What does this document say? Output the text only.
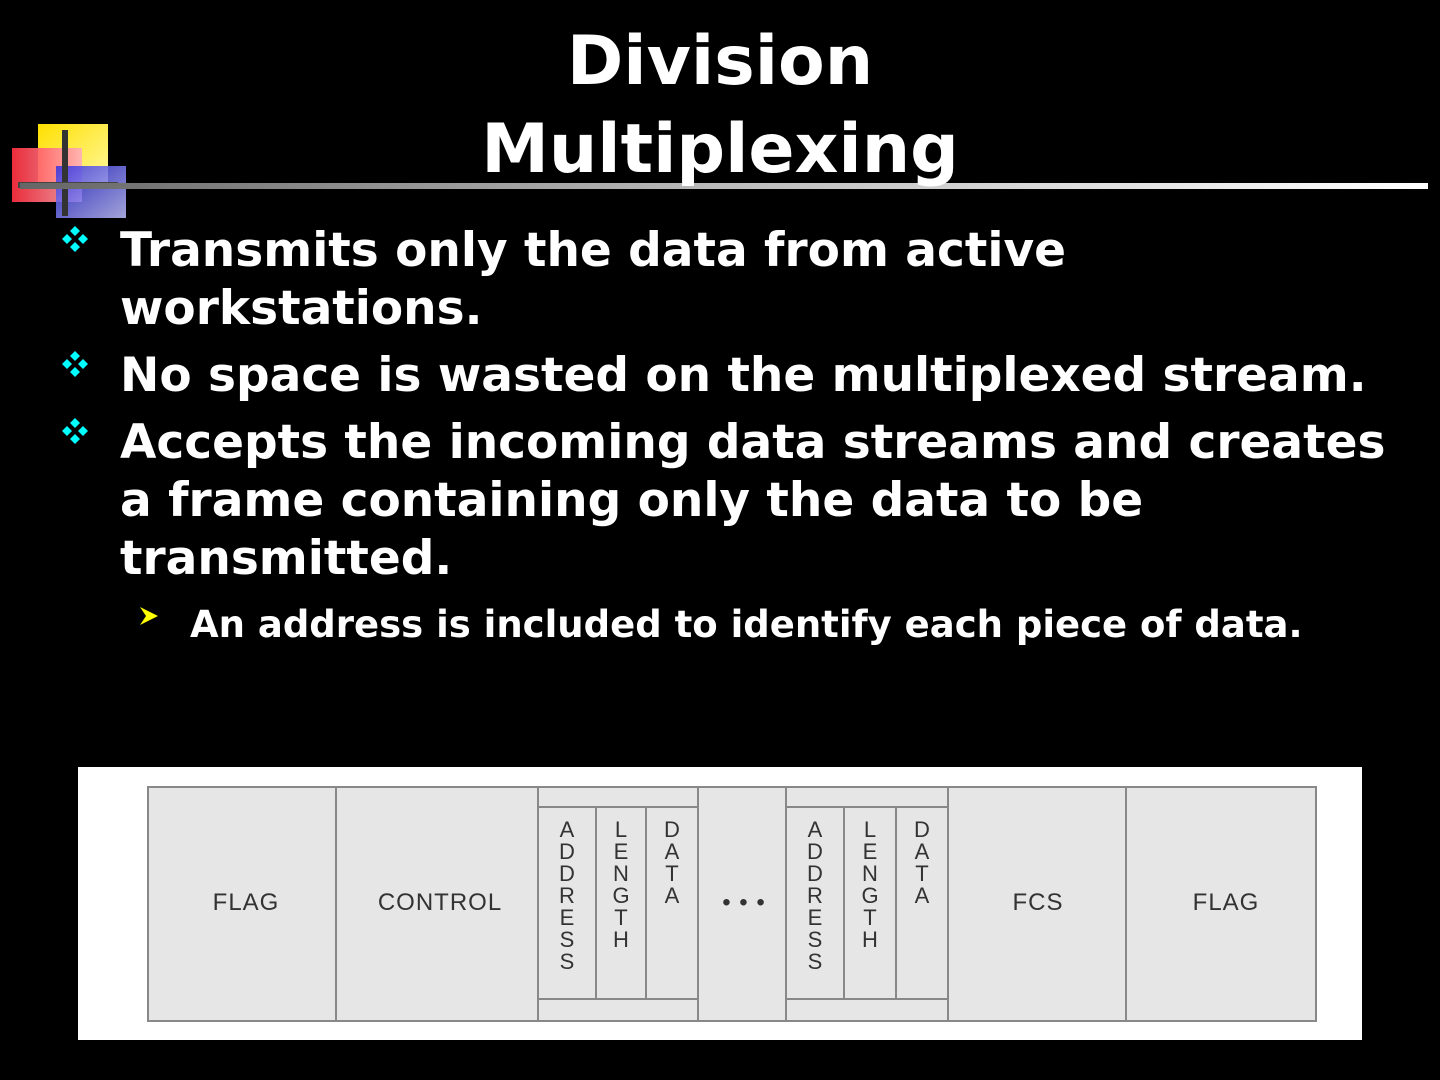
Division
Multiplexing
Transmits only the data from active workstations.
No space is wasted on the multiplexed stream.
Accepts the incoming data streams and creates a frame containing only the data to be transmitted.
An address is included to identify each piece of data.
FLAG	CONTROL	• • •	FCS	FLAG
A D D R E S S
L E N G T H
D A T A
A D D R E S S
L E N G T H
D A T A
